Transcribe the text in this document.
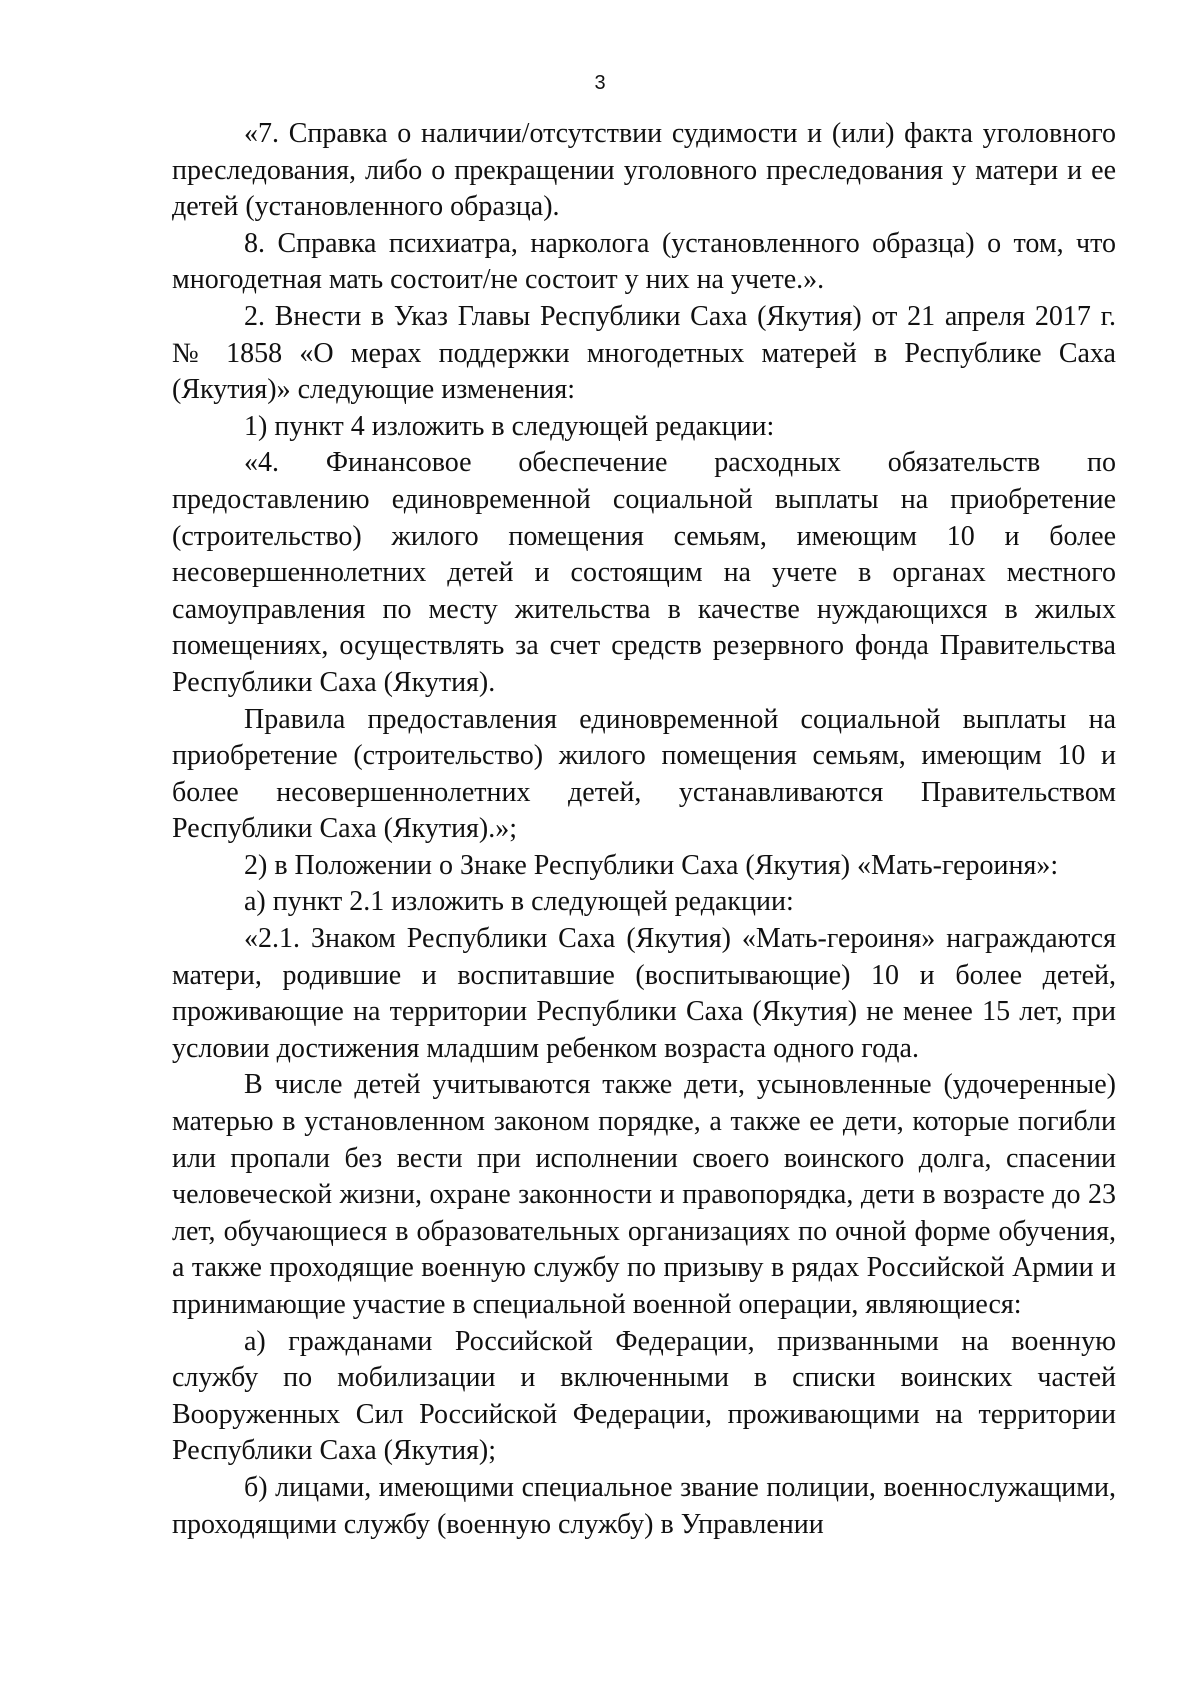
3

«7. Справка о наличии/отсутствии судимости и (или) факта уголовного преследования, либо о прекращении уголовного преследования у матери и ее детей (установленного образца).

8. Справка психиатра, нарколога (установленного образца) о том, что многодетная мать состоит/не состоит у них на учете.».

2. Внести в Указ Главы Республики Саха (Якутия) от 21 апреля 2017 г. № 1858 «О мерах поддержки многодетных матерей в Республике Саха (Якутия)» следующие изменения:

1) пункт 4 изложить в следующей редакции:

«4. Финансовое обеспечение расходных обязательств по предоставлению единовременной социальной выплаты на приобретение (строительство) жилого помещения семьям, имеющим 10 и более несовершеннолетних детей и состоящим на учете в органах местного самоуправления по месту жительства в качестве нуждающихся в жилых помещениях, осуществлять за счет средств резервного фонда Правительства Республики Саха (Якутия).

Правила предоставления единовременной социальной выплаты на приобретение (строительство) жилого помещения семьям, имеющим 10 и более несовершеннолетних детей, устанавливаются Правительством Республики Саха (Якутия).»;

2) в Положении о Знаке Республики Саха (Якутия) «Мать-героиня»:

а) пункт 2.1 изложить в следующей редакции:

«2.1. Знаком Республики Саха (Якутия) «Мать-героиня» награждаются матери, родившие и воспитавшие (воспитывающие) 10 и более детей, проживающие на территории Республики Саха (Якутия) не менее 15 лет, при условии достижения младшим ребенком возраста одного года.

В числе детей учитываются также дети, усыновленные (удочеренные) матерью в установленном законом порядке, а также ее дети, которые погибли или пропали без вести при исполнении своего воинского долга, спасении человеческой жизни, охране законности и правопорядка, дети в возрасте до 23 лет, обучающиеся в образовательных организациях по очной форме обучения, а также проходящие военную службу по призыву в рядах Российской Армии и принимающие участие в специальной военной операции, являющиеся:

а) гражданами Российской Федерации, призванными на военную службу по мобилизации и включенными в списки воинских частей Вооруженных Сил Российской Федерации, проживающими на территории Республики Саха (Якутия);

б) лицами, имеющими специальное звание полиции, военнослужащими, проходящими службу (военную службу) в Управлении
